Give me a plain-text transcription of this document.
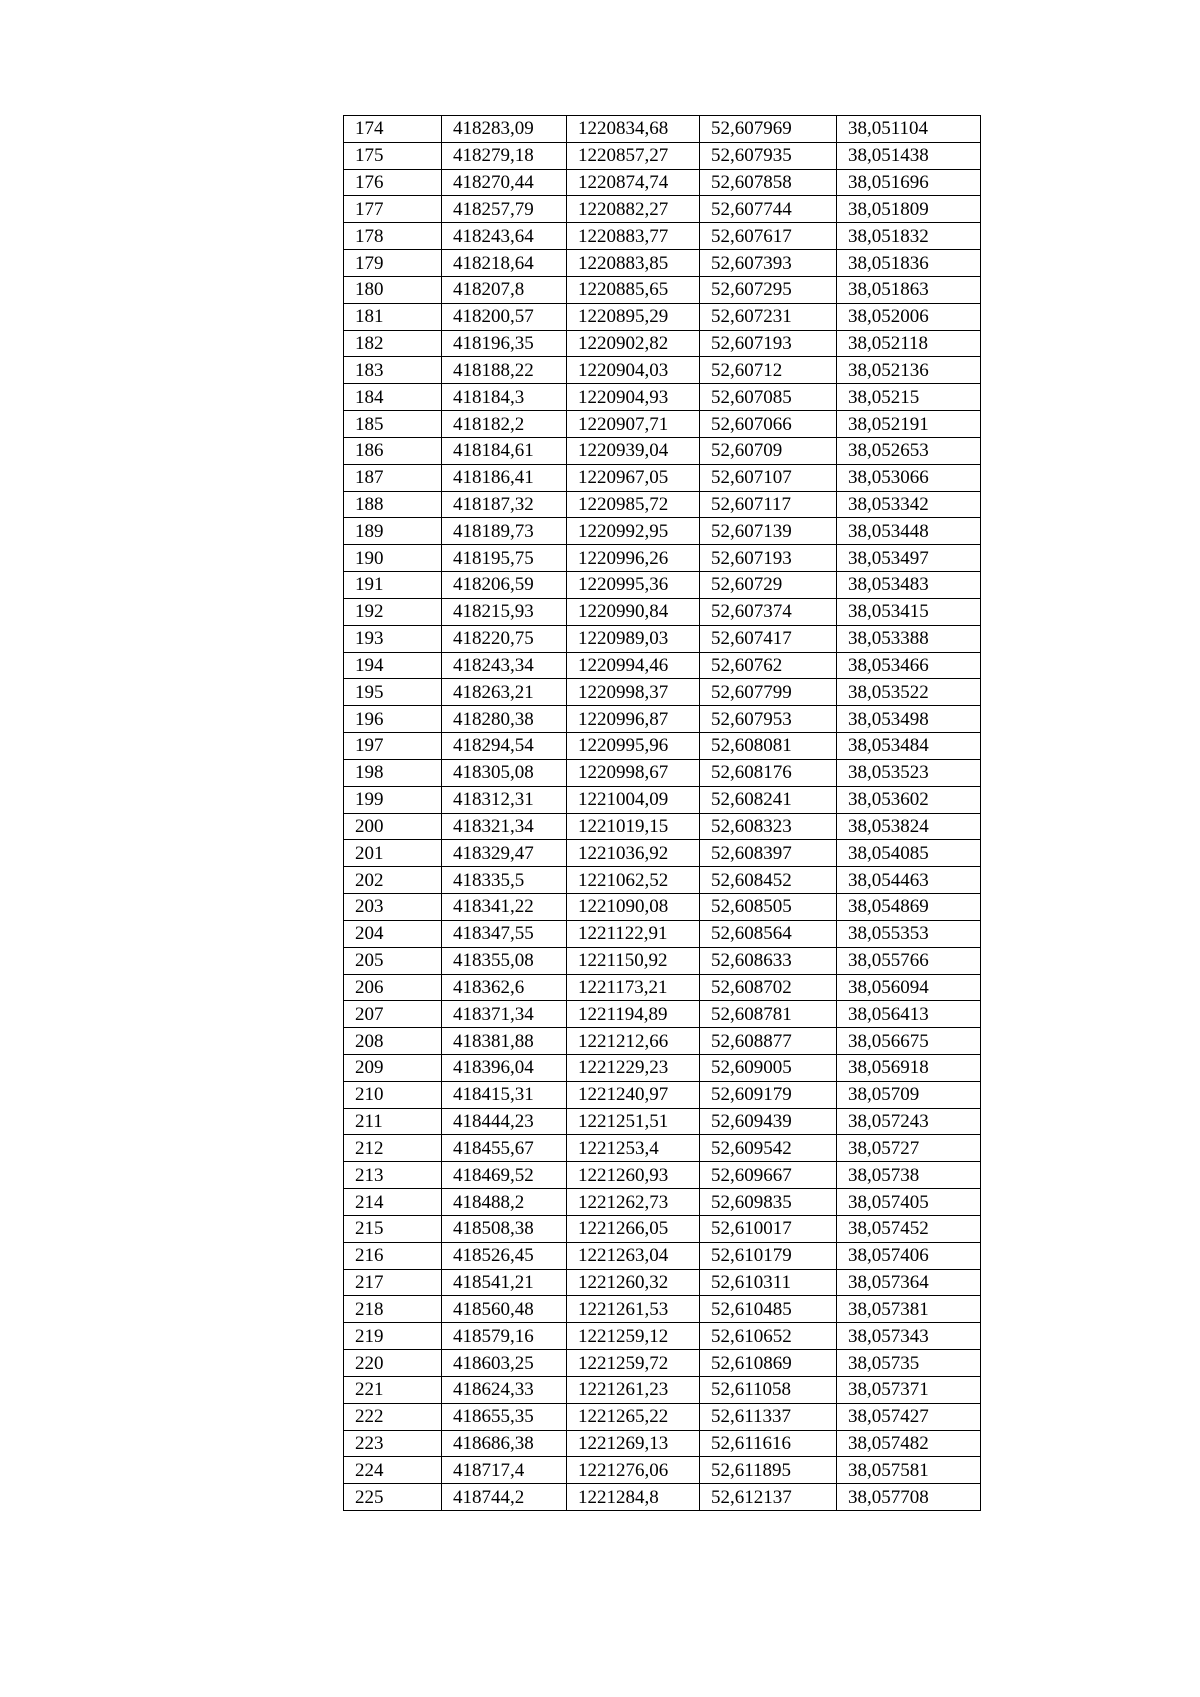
174	418283,09	1220834,68	52,607969	38,051104
175	418279,18	1220857,27	52,607935	38,051438
176	418270,44	1220874,74	52,607858	38,051696
177	418257,79	1220882,27	52,607744	38,051809
178	418243,64	1220883,77	52,607617	38,051832
179	418218,64	1220883,85	52,607393	38,051836
180	418207,8	1220885,65	52,607295	38,051863
181	418200,57	1220895,29	52,607231	38,052006
182	418196,35	1220902,82	52,607193	38,052118
183	418188,22	1220904,03	52,60712	38,052136
184	418184,3	1220904,93	52,607085	38,05215
185	418182,2	1220907,71	52,607066	38,052191
186	418184,61	1220939,04	52,60709	38,052653
187	418186,41	1220967,05	52,607107	38,053066
188	418187,32	1220985,72	52,607117	38,053342
189	418189,73	1220992,95	52,607139	38,053448
190	418195,75	1220996,26	52,607193	38,053497
191	418206,59	1220995,36	52,60729	38,053483
192	418215,93	1220990,84	52,607374	38,053415
193	418220,75	1220989,03	52,607417	38,053388
194	418243,34	1220994,46	52,60762	38,053466
195	418263,21	1220998,37	52,607799	38,053522
196	418280,38	1220996,87	52,607953	38,053498
197	418294,54	1220995,96	52,608081	38,053484
198	418305,08	1220998,67	52,608176	38,053523
199	418312,31	1221004,09	52,608241	38,053602
200	418321,34	1221019,15	52,608323	38,053824
201	418329,47	1221036,92	52,608397	38,054085
202	418335,5	1221062,52	52,608452	38,054463
203	418341,22	1221090,08	52,608505	38,054869
204	418347,55	1221122,91	52,608564	38,055353
205	418355,08	1221150,92	52,608633	38,055766
206	418362,6	1221173,21	52,608702	38,056094
207	418371,34	1221194,89	52,608781	38,056413
208	418381,88	1221212,66	52,608877	38,056675
209	418396,04	1221229,23	52,609005	38,056918
210	418415,31	1221240,97	52,609179	38,05709
211	418444,23	1221251,51	52,609439	38,057243
212	418455,67	1221253,4	52,609542	38,05727
213	418469,52	1221260,93	52,609667	38,05738
214	418488,2	1221262,73	52,609835	38,057405
215	418508,38	1221266,05	52,610017	38,057452
216	418526,45	1221263,04	52,610179	38,057406
217	418541,21	1221260,32	52,610311	38,057364
218	418560,48	1221261,53	52,610485	38,057381
219	418579,16	1221259,12	52,610652	38,057343
220	418603,25	1221259,72	52,610869	38,05735
221	418624,33	1221261,23	52,611058	38,057371
222	418655,35	1221265,22	52,611337	38,057427
223	418686,38	1221269,13	52,611616	38,057482
224	418717,4	1221276,06	52,611895	38,057581
225	418744,2	1221284,8	52,612137	38,057708
